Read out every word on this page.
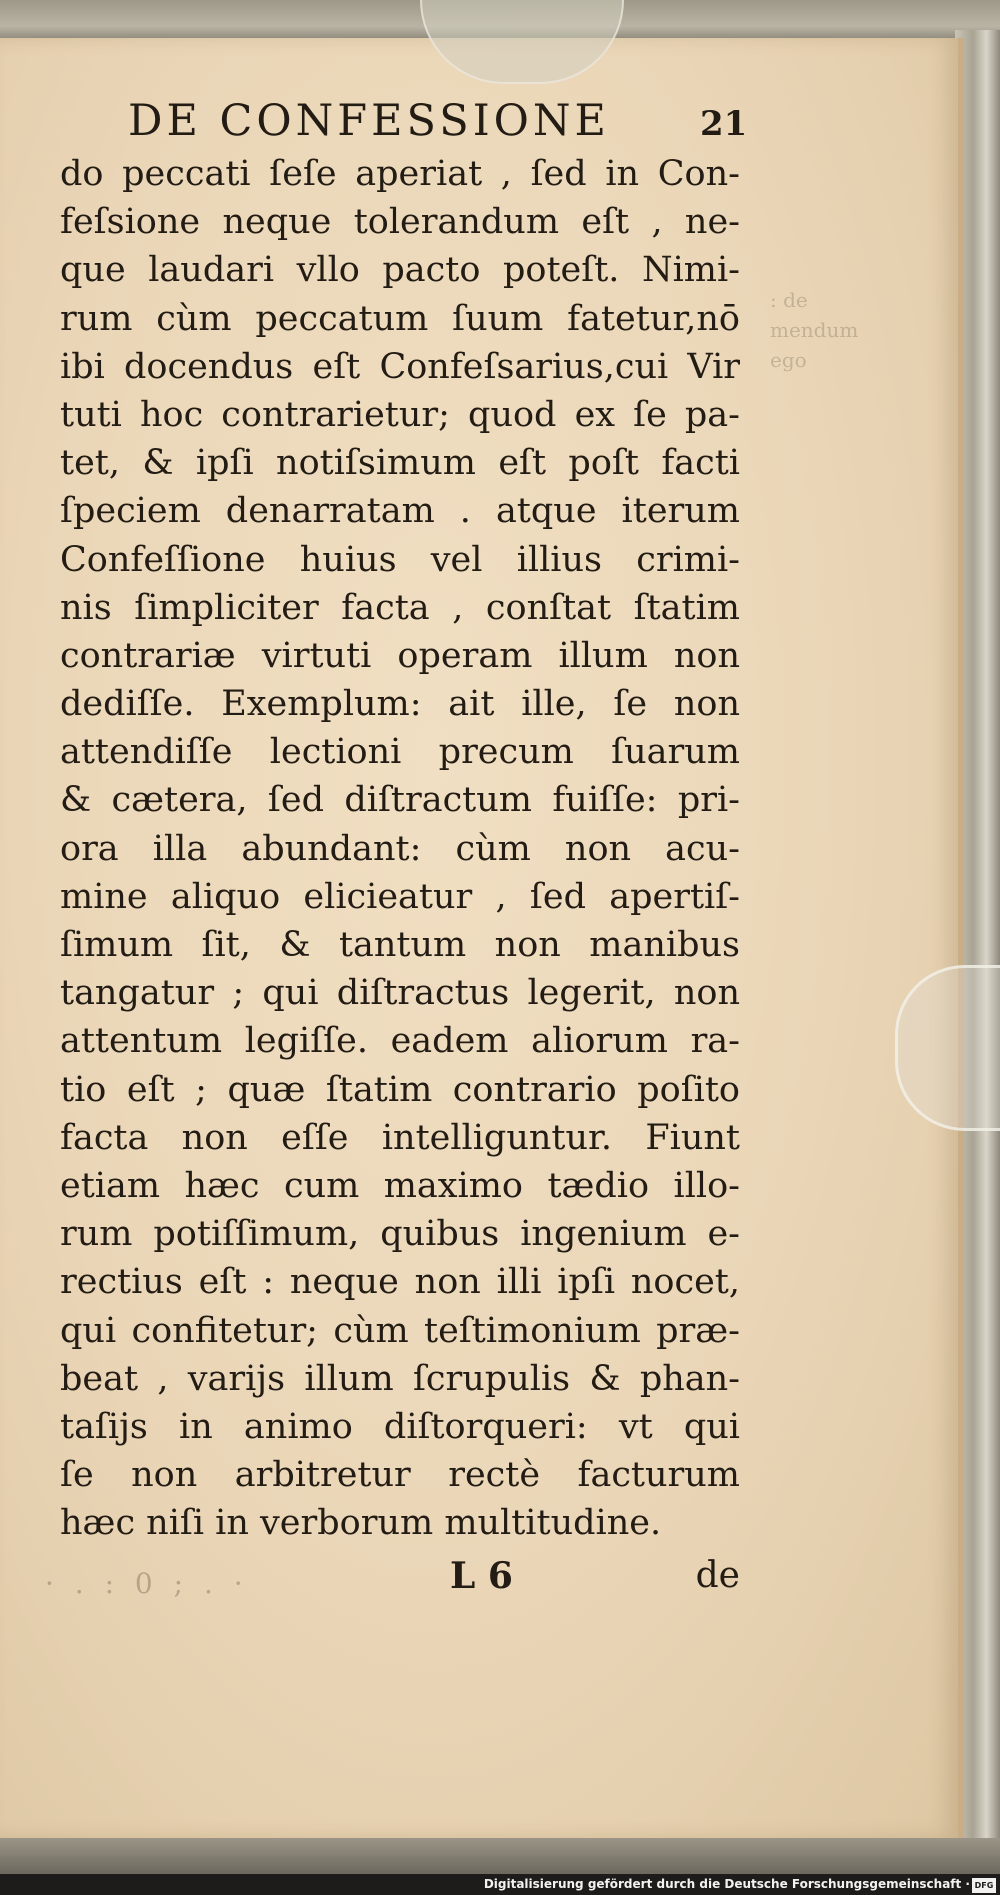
DE CONFESSIONE	21
: de
mendum
ego
do peccati ſeſe aperiat , ſed in Con-
feſsione neque tolerandum eſt , ne-
que laudari vllo pacto poteſt. Nimi-
rum cùm peccatum ſuum fatetur,nō
ibi docendus eſt Confeſsarius,cui Vir
tuti hoc contrarietur; quod ex ſe pa-
tet, & ipſi notiſsimum eſt poſt facti
ſpeciem denarratam . atque iterum
Confeſſione huius vel illius crimi-
nis ſimpliciter facta , conſtat ſtatim
contrariæ virtuti operam illum non
dediſſe. Exemplum: ait ille, ſe non
attendiſſe lectioni precum ſuarum
& cætera, ſed diſtractum fuiſſe: pri-
ora illa abundant: cùm non acu-
mine aliquo elicieatur , ſed apertiſ-
ſimum ſit, & tantum non manibus
tangatur ; qui diſtractus legerit, non
attentum legiſſe. eadem aliorum ra-
tio eſt ; quæ ſtatim contrario poſito
facta non eſſe intelliguntur. Fiunt
etiam hæc cum maximo tædio illo-
rum potiſſimum, quibus ingenium e-
rectius eſt : neque non illi ipſi nocet,
qui confitetur; cùm teſtimonium præ-
beat , varijs illum ſcrupulis & phan-
taſijs in animo diſtorqueri: vt qui
ſe non arbitretur rectè facturum
hæc niſi in verborum multitudine.
· . : 0 ; . ·	L 6	de
Digitalisierung gefördert durch die Deutsche Forschungsgemeinschaft · DFG
